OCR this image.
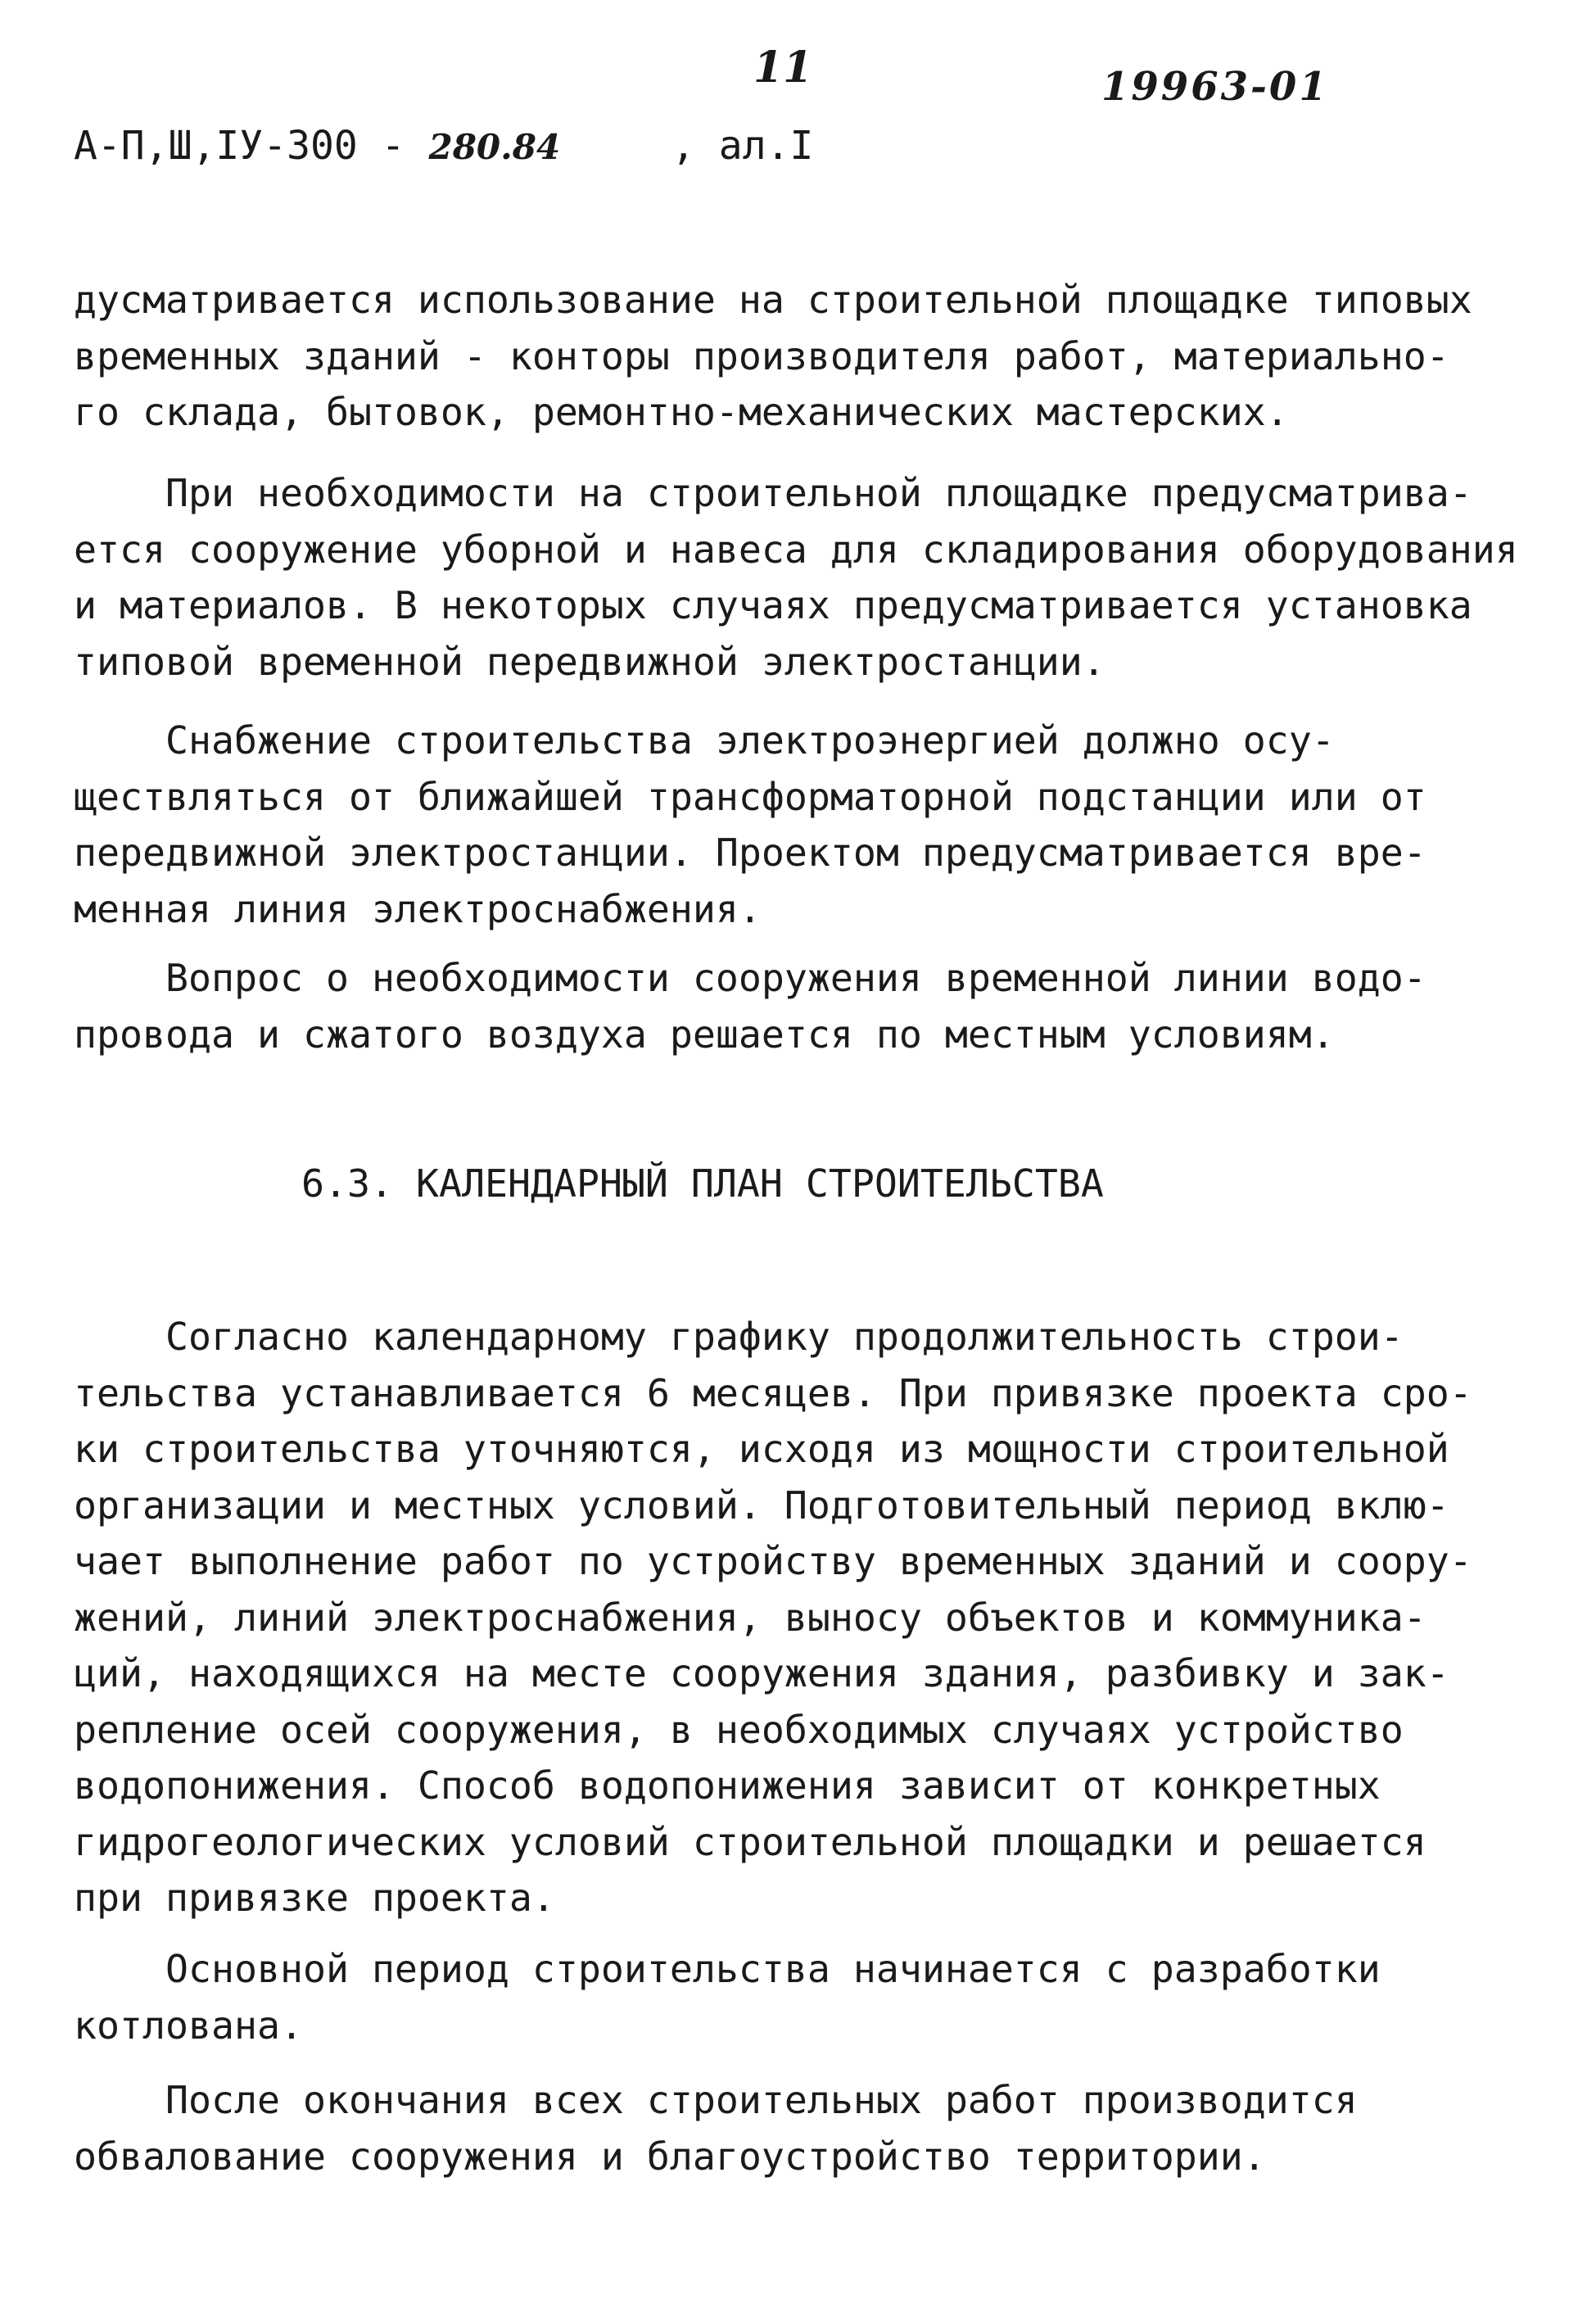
11	19963-01
А-П,Ш,IУ-300 - 280.84	, ал.I

дусматривается использование на строительной площадке типовых
временных зданий - конторы производителя работ, материально-
го склада, бытовок, ремонтно-механических мастерских.

При необходимости на строительной площадке предусматрива-
ется сооружение уборной и навеса для складирования оборудования
и материалов. В некоторых случаях предусматривается установка
типовой временной передвижной электростанции.

Снабжение строительства электроэнергией должно осу-
ществляться от ближайшей трансформаторной подстанции или от
передвижной электростанции. Проектом предусматривается вре-
менная линия электроснабжения.

Вопрос о необходимости сооружения временной линии водо-
провода и сжатого воздуха решается по местным условиям.

6.3. КАЛЕНДАРНЫЙ ПЛАН СТРОИТЕЛЬСТВА

Согласно календарному графику продолжительность строи-
тельства устанавливается 6 месяцев. При привязке проекта сро-
ки строительства уточняются, исходя из мощности строительной
организации и местных условий. Подготовительный период вклю-
чает выполнение работ по устройству временных зданий и соору-
жений, линий электроснабжения, выносу объектов и коммуника-
ций, находящихся на месте сооружения здания, разбивку и зак-
репление осей сооружения, в необходимых случаях устройство
водопонижения. Способ водопонижения зависит от конкретных
гидрогеологических условий строительной площадки и решается
при привязке проекта.

Основной период строительства начинается с разработки
котлована.

После окончания всех строительных работ производится
обвалование сооружения и благоустройство территории.
